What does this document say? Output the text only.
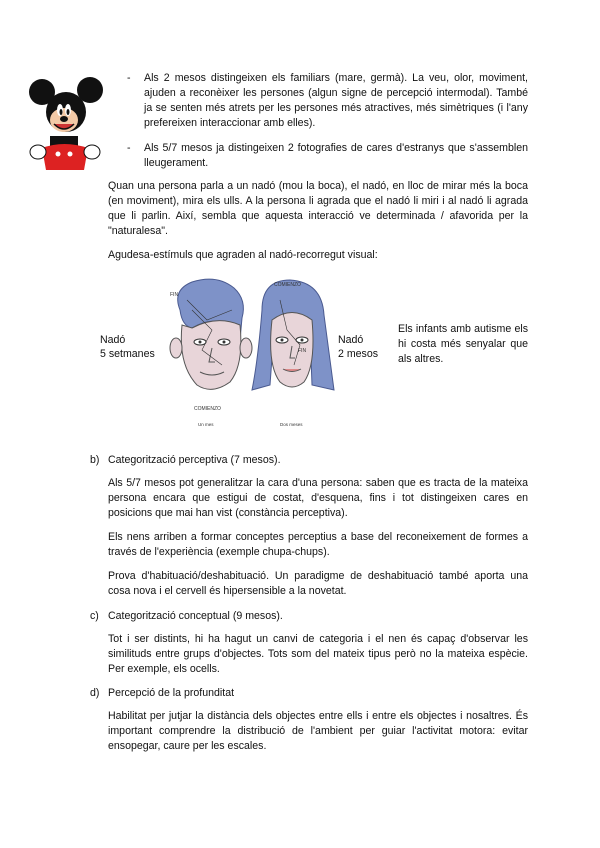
- Als 2 mesos distingeixen els familiars (mare, germà). La veu, olor, moviment, ajuden a reconèixer les persones (algun signe de percepció intermodal). També ja se senten més atrets per les persones més atractives, més simètriques (i l'any prefereixen interaccionar amb elles).
- Als 5/7 mesos ja distingeixen 2 fotografies de cares d'estranys que s'assemblen lleugerament.
Quan una persona parla a un nadó (mou la boca), el nadó, en lloc de mirar més la boca (en moviment), mira els ulls. A la persona li agrada que el nadó li miri i al nadó li agrada que li parlin. Així, sembla que aquesta interacció ve determinada / afavorida per la "naturalesa".
Agudesa-estímuls que agraden al nadó-recorregut visual:
Nadó
5 setmanes
Nadó
2 mesos
Els infants amb autisme els hi costa més senyalar que als altres.
FIN
COMIENZO
Un mes
COMIENZO
FIN
Dos meses
b) Categorització perceptiva (7 mesos).
Als 5/7 mesos pot generalitzar la cara d'una persona: saben que es tracta de la mateixa persona encara que estigui de costat, d'esquena, fins i tot distingeixen cares en posicions que mai han vist (constància perceptiva).
Els nens arriben a formar conceptes perceptius a base del reconeixement de formes a través de l'experiència (exemple chupa-chups).
Prova d'habituació/deshabituació. Un paradigme de deshabituació també aporta una cosa nova i el cervell és hipersensible a la novetat.
c) Categorització conceptual (9 mesos).
Tot i ser distints, hi ha hagut un canvi de categoria i el nen és capaç d'observar les similituds entre grups d'objectes. Tots som del mateix tipus però no la mateixa espècie. Per exemple, els ocells.
d) Percepció de la profunditat
Habilitat per jutjar la distància dels objectes entre ells i entre els objectes i nosaltres. És important comprendre la distribució de l'ambient per guiar l'activitat motora: evitar ensopegar, caure per les escales.
